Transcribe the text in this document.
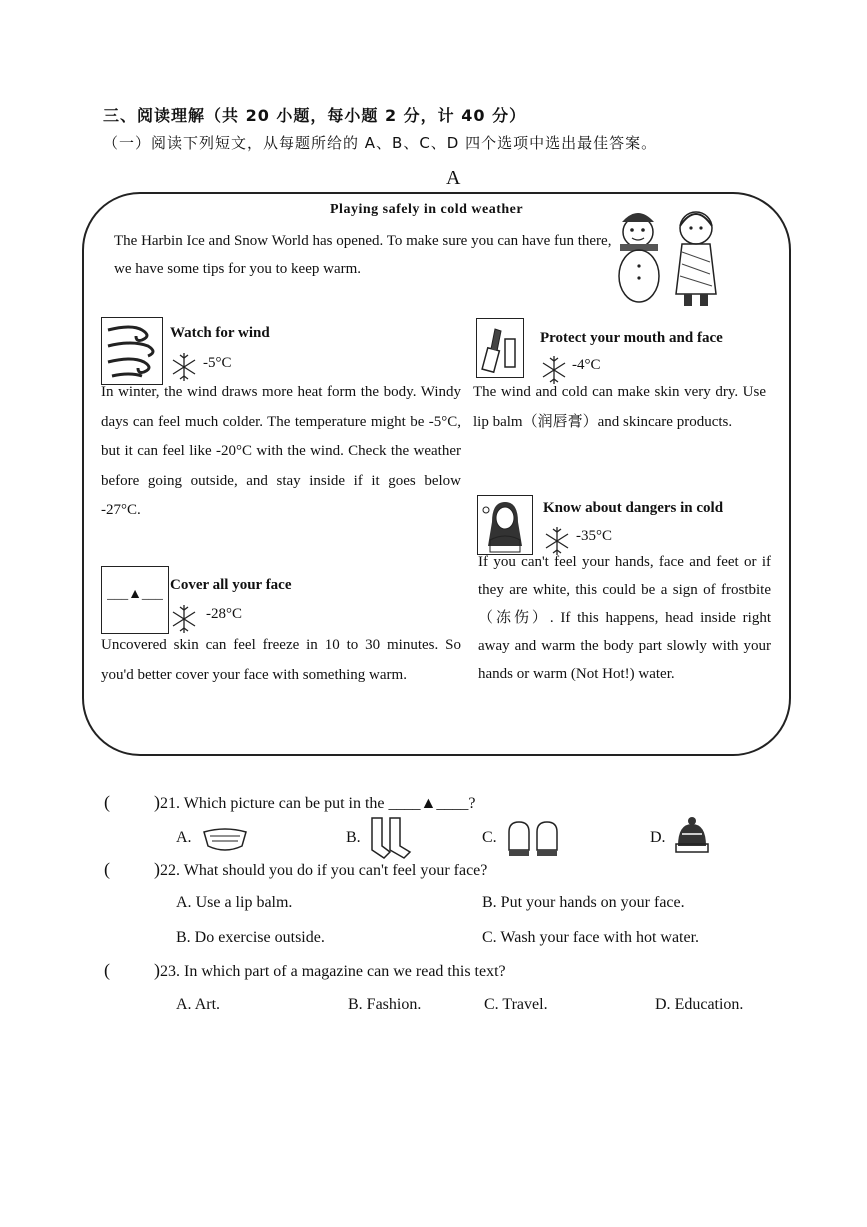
三、阅读理解（共 20 小题，每小题 2 分，计 40 分）
（一）阅读下列短文，从每题所给的 A、B、C、D 四个选项中选出最佳答案。
A
Playing safely in cold weather
The Harbin Ice and Snow World has opened. To make sure you can have fun there, we have some tips for you to keep warm.
Watch for wind
-5°C
In winter, the wind draws more heat form the body. Windy days can feel much colder. The temperature might be -5°C, but it can feel like -20°C with the wind. Check the weather before going outside, and stay inside if it goes below -27°C.
___▲___
Cover all your face
-28°C
Uncovered skin can feel freeze in 10 to 30 minutes. So you'd better cover your face with something warm.
Protect your mouth and face
-4°C
The wind and cold can make skin very dry. Use lip balm（润唇膏）and skincare products.
Know about dangers in cold
-35°C
If you can't feel your hands, face and feet or if they are white, this could be a sign of frostbite（冻伤）. If this happens, head inside right away and warm the body part slowly with your hands or warm (Not Hot!) water.
( ) 21. Which picture can be put in the ____▲____?
A.	B.	C.	D.
( ) 22. What should you do if you can't feel your face?
A. Use a lip balm.	B. Put your hands on your face.
B. Do exercise outside.	C. Wash your face with hot water.
( ) 23. In which part of a magazine can we read this text?
A. Art.	B. Fashion.	C. Travel.	D. Education.
